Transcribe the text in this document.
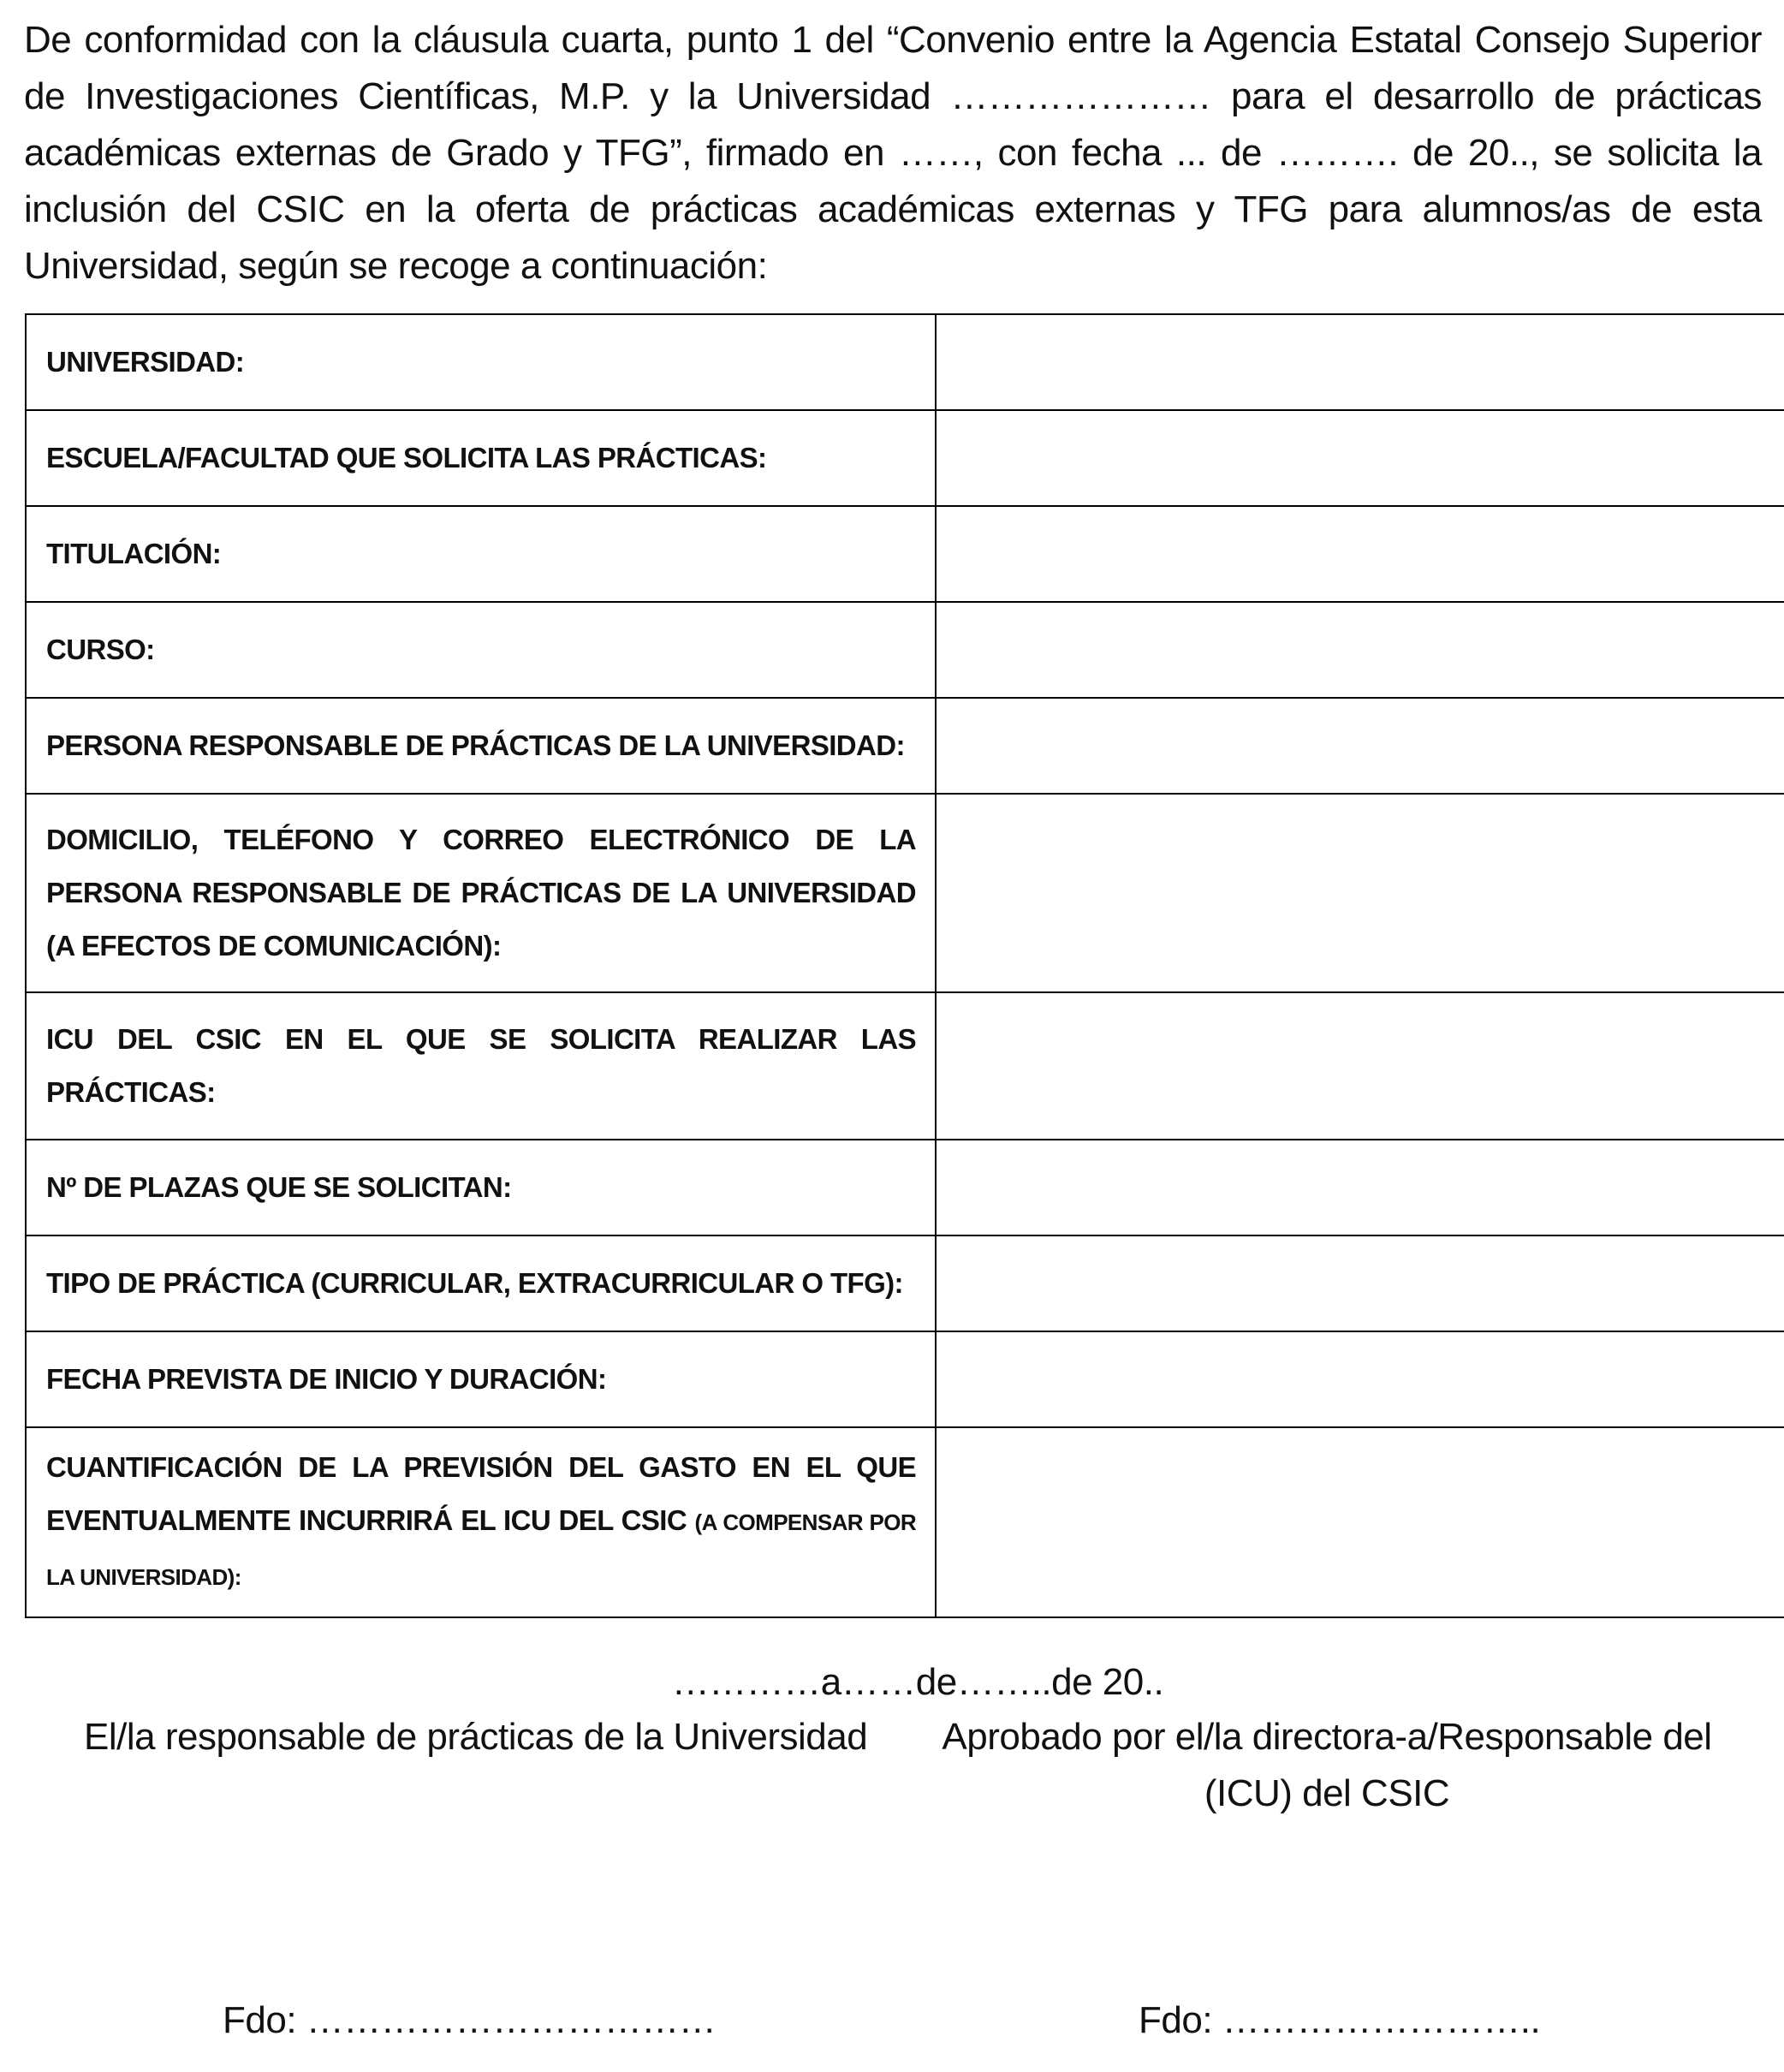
De conformidad con la cláusula cuarta, punto 1 del “Convenio entre la Agencia Estatal Consejo Superior de Investigaciones Científicas, M.P. y la Universidad ………………… para el desarrollo de prácticas académicas externas de Grado y TFG”, firmado en ……, con fecha ... de ………. de 20.., se solicita la inclusión del CSIC en la oferta de prácticas académicas externas y TFG para alumnos/as de esta Universidad, según se recoge a continuación:

UNIVERSIDAD:	
ESCUELA/FACULTAD QUE SOLICITA LAS PRÁCTICAS:	
TITULACIÓN:	
CURSO:	
PERSONA RESPONSABLE DE PRÁCTICAS DE LA UNIVERSIDAD:	
DOMICILIO, TELÉFONO Y CORREO ELECTRÓNICO DE LA PERSONA RESPONSABLE DE PRÁCTICAS DE LA UNIVERSIDAD (A EFECTOS DE COMUNICACIÓN):	
ICU DEL CSIC EN EL QUE SE SOLICITA REALIZAR LAS PRÁCTICAS:	
Nº DE PLAZAS QUE SE SOLICITAN:	
TIPO DE PRÁCTICA (CURRICULAR, EXTRACURRICULAR O TFG):	
FECHA PREVISTA DE INICIO Y DURACIÓN:	
CUANTIFICACIÓN DE LA PREVISIÓN DEL GASTO EN EL QUE EVENTUALMENTE INCURRIRÁ EL ICU DEL CSIC (A COMPENSAR POR LA UNIVERSIDAD):	

…………a……de……..de 20..

El/la responsable de prácticas de la Universidad Aprobado por el/la directora-a/Responsable del
(ICU) del CSIC

Fdo: ……………………………	Fdo: ……………………..
